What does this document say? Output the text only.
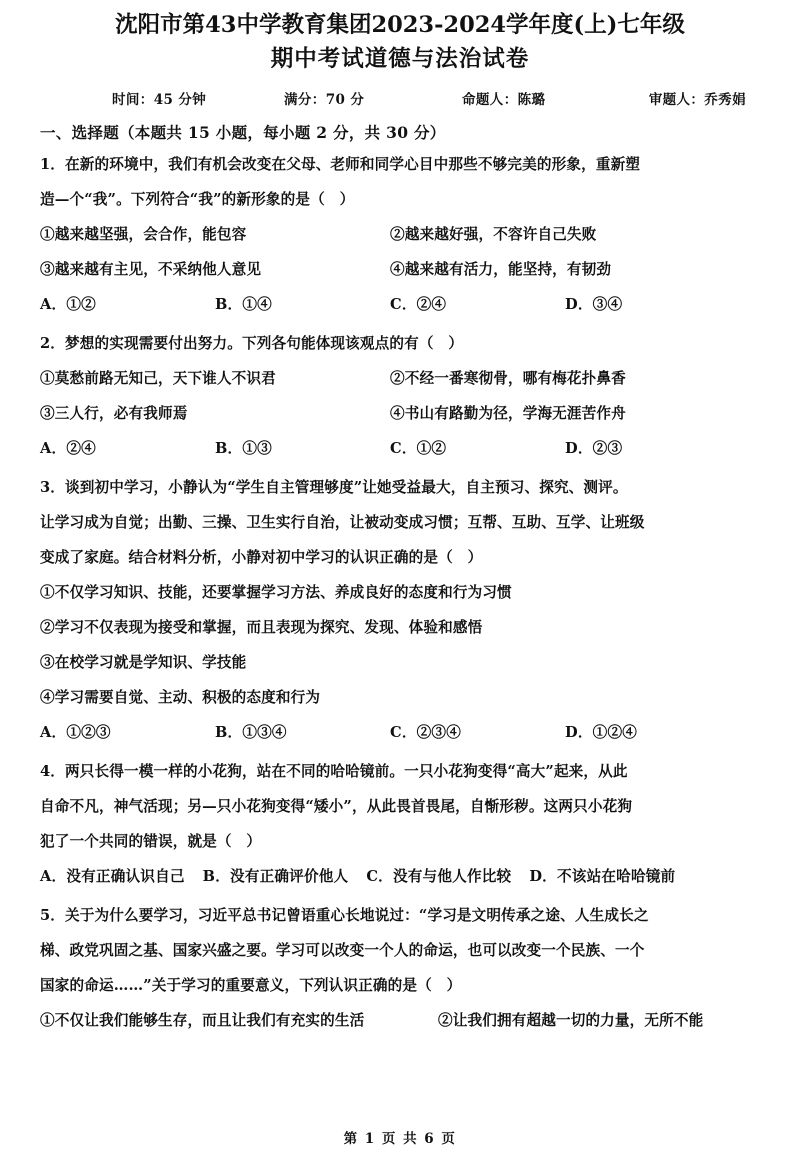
沈阳市第43中学教育集团2023-2024学年度(上)七年级
期中考试道德与法治试卷
时间：45 分钟	满分：70 分	命题人：陈璐	审题人：乔秀娟
一、选择题（本题共 15 小题，每小题 2 分，共 30 分）
1．在新的环境中，我们有机会改变在父母、老师和同学心目中那些不够完美的形象，重新塑
造—个“我”。下列符合“我”的新形象的是（　）
①越来越坚强，会合作，能包容	②越来越好强，不容许自己失败
③越来越有主见，不采纳他人意见	④越来越有活力，能坚持，有韧劲
A．①②	B．①④	C．②④	D．③④
2．梦想的实现需要付出努力。下列各句能体现该观点的有（　）
①莫愁前路无知己，天下谁人不识君	②不经一番寒彻骨，哪有梅花扑鼻香
③三人行，必有我师焉	④书山有路勤为径，学海无涯苦作舟
A．②④	B．①③	C．①②	D．②③
3．谈到初中学习，小静认为“学生自主管理够度”让她受益最大，自主预习、探究、测评。
让学习成为自觉；出勤、三操、卫生实行自治，让被动变成习惯；互帮、互助、互学、让班级
变成了家庭。结合材料分析，小静对初中学习的认识正确的是（　）
①不仅学习知识、技能，还要掌握学习方法、养成良好的态度和行为习惯
②学习不仅表现为接受和掌握，而且表现为探究、发现、体验和感悟
③在校学习就是学知识、学技能
④学习需要自觉、主动、积极的态度和行为
A．①②③	B．①③④	C．②③④	D．①②④
4．两只长得一模一样的小花狗，站在不同的哈哈镜前。一只小花狗变得“高大”起来，从此
自命不凡，神气活现；另—只小花狗变得“矮小”，从此畏首畏尾，自惭形秽。这两只小花狗
犯了一个共同的错误，就是（　）
A．没有正确认识自己 B．没有正确评价他人 C．没有与他人作比较 D．不该站在哈哈镜前
5．关于为什么要学习，习近平总书记曾语重心长地说过：“学习是文明传承之途、人生成长之
梯、政党巩固之基、国家兴盛之要。学习可以改变一个人的命运，也可以改变一个民族、一个
国家的命运……”关于学习的重要意义，下列认识正确的是（　）
①不仅让我们能够生存，而且让我们有充实的生活	②让我们拥有超越一切的力量，无所不能
第 1 页 共 6 页
